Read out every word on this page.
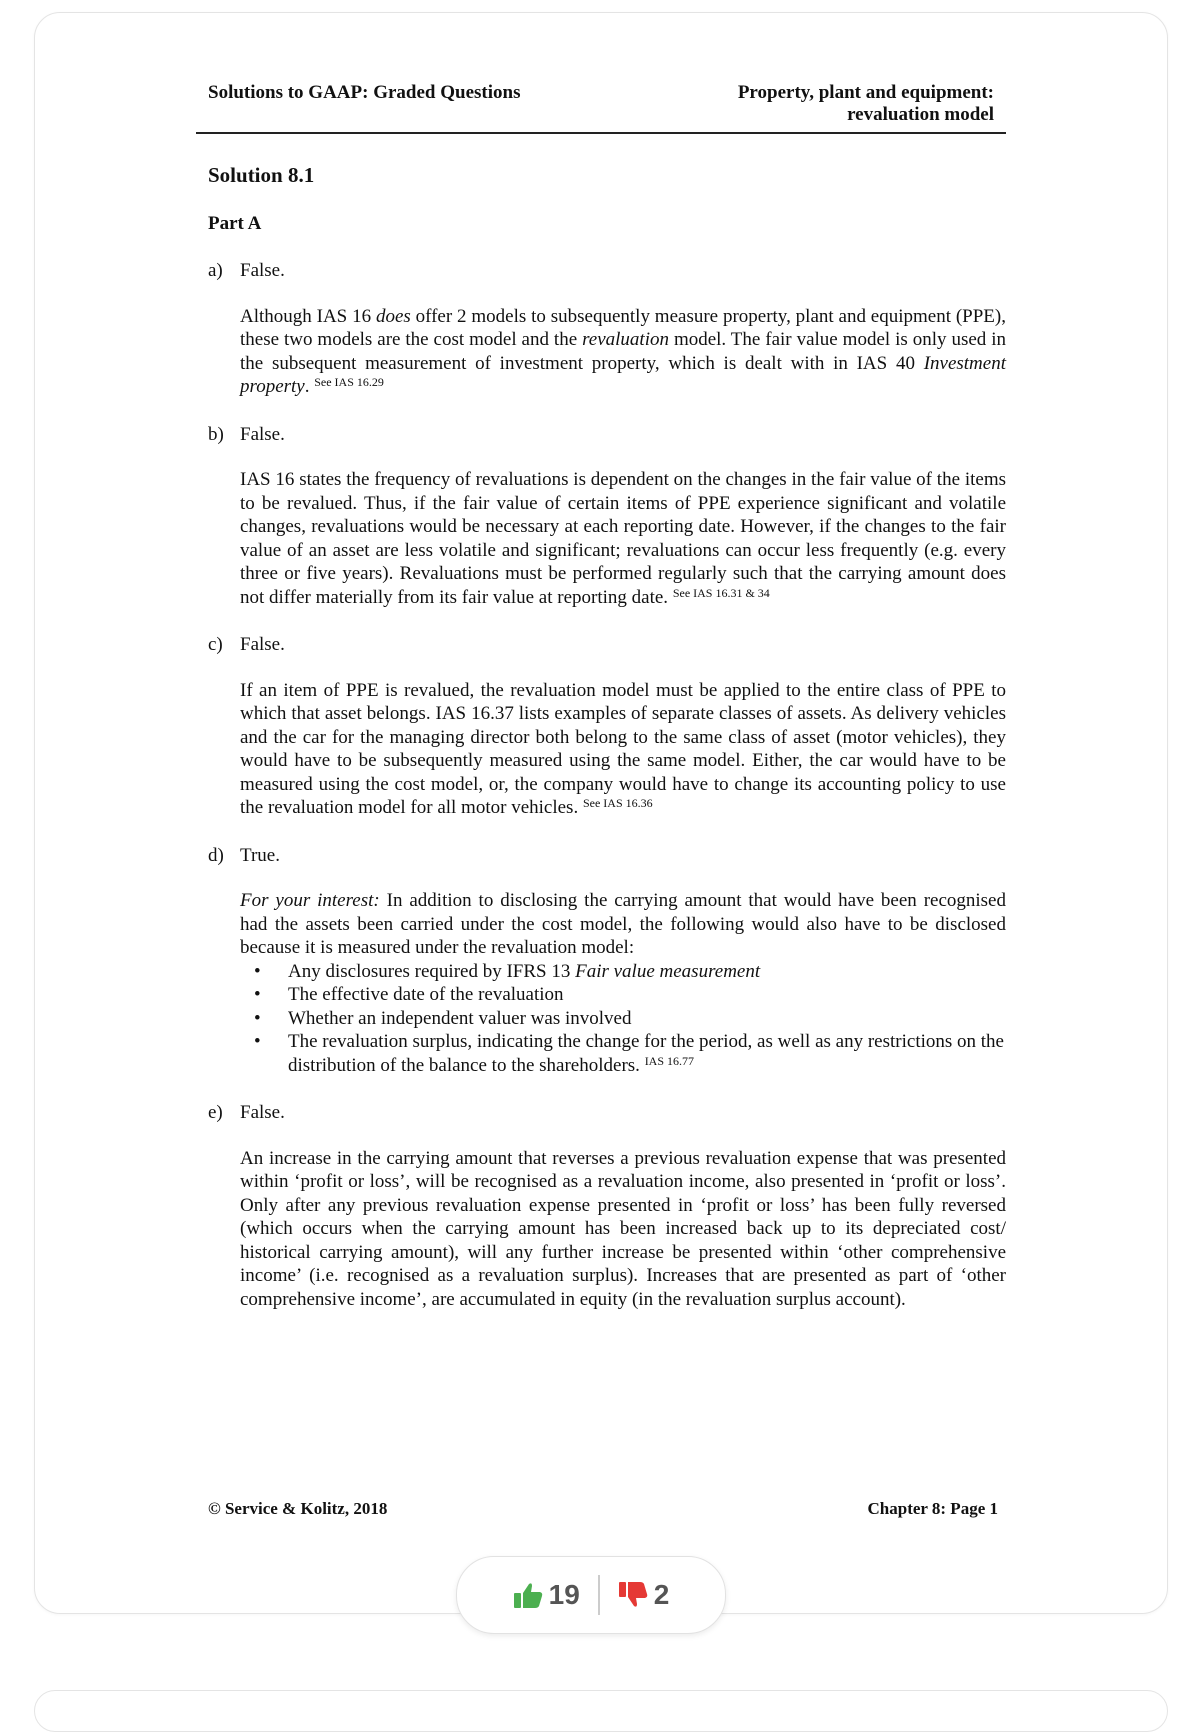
Solutions to GAAP: Graded Questions	Property, plant and equipment:
revaluation model
Solution 8.1
Part A
a) False.
Although IAS 16 does offer 2 models to subsequently measure property, plant and equipment (PPE), these two models are the cost model and the revaluation model. The fair value model is only used in the subsequent measurement of investment property, which is dealt with in IAS 40 Investment property. $^{See IAS 16.29}$
b) False.
IAS 16 states the frequency of revaluations is dependent on the changes in the fair value of the items to be revalued. Thus, if the fair value of certain items of PPE experience significant and volatile changes, revaluations would be necessary at each reporting date. However, if the changes to the fair value of an asset are less volatile and significant; revaluations can occur less frequently (e.g. every three or five years). Revaluations must be performed regularly such that the carrying amount does not differ materially from its fair value at reporting date. $^{See IAS 16.31 \& 34}$
c) False.
If an item of PPE is revalued, the revaluation model must be applied to the entire class of PPE to which that asset belongs. IAS 16.37 lists examples of separate classes of assets. As delivery vehicles and the car for the managing director both belong to the same class of asset (motor vehicles), they would have to be subsequently measured using the same model. Either, the car would have to be measured using the cost model, or, the company would have to change its accounting policy to use the revaluation model for all motor vehicles. $^{See IAS 16.36}$
d) True.
For your interest: In addition to disclosing the carrying amount that would have been recognised had the assets been carried under the cost model, the following would also have to be disclosed because it is measured under the revaluation model:
• Any disclosures required by IFRS 13 Fair value measurement
• The effective date of the revaluation
• Whether an independent valuer was involved
• The revaluation surplus, indicating the change for the period, as well as any restrictions on the distribution of the balance to the shareholders. $^{IAS 16.77}$
e) False.
An increase in the carrying amount that reverses a previous revaluation expense that was presented within ‘profit or loss’, will be recognised as a revaluation income, also presented in ‘profit or loss’. Only after any previous revaluation expense presented in ‘profit or loss’ has been fully reversed (which occurs when the carrying amount has been increased back up to its depreciated cost/ historical carrying amount), will any further increase be presented within ‘other comprehensive income’ (i.e. recognised as a revaluation surplus). Increases that are presented as part of ‘other comprehensive income’, are accumulated in equity (in the revaluation surplus account).
© Service & Kolitz, 2018	Chapter 8: Page 1
19	2
